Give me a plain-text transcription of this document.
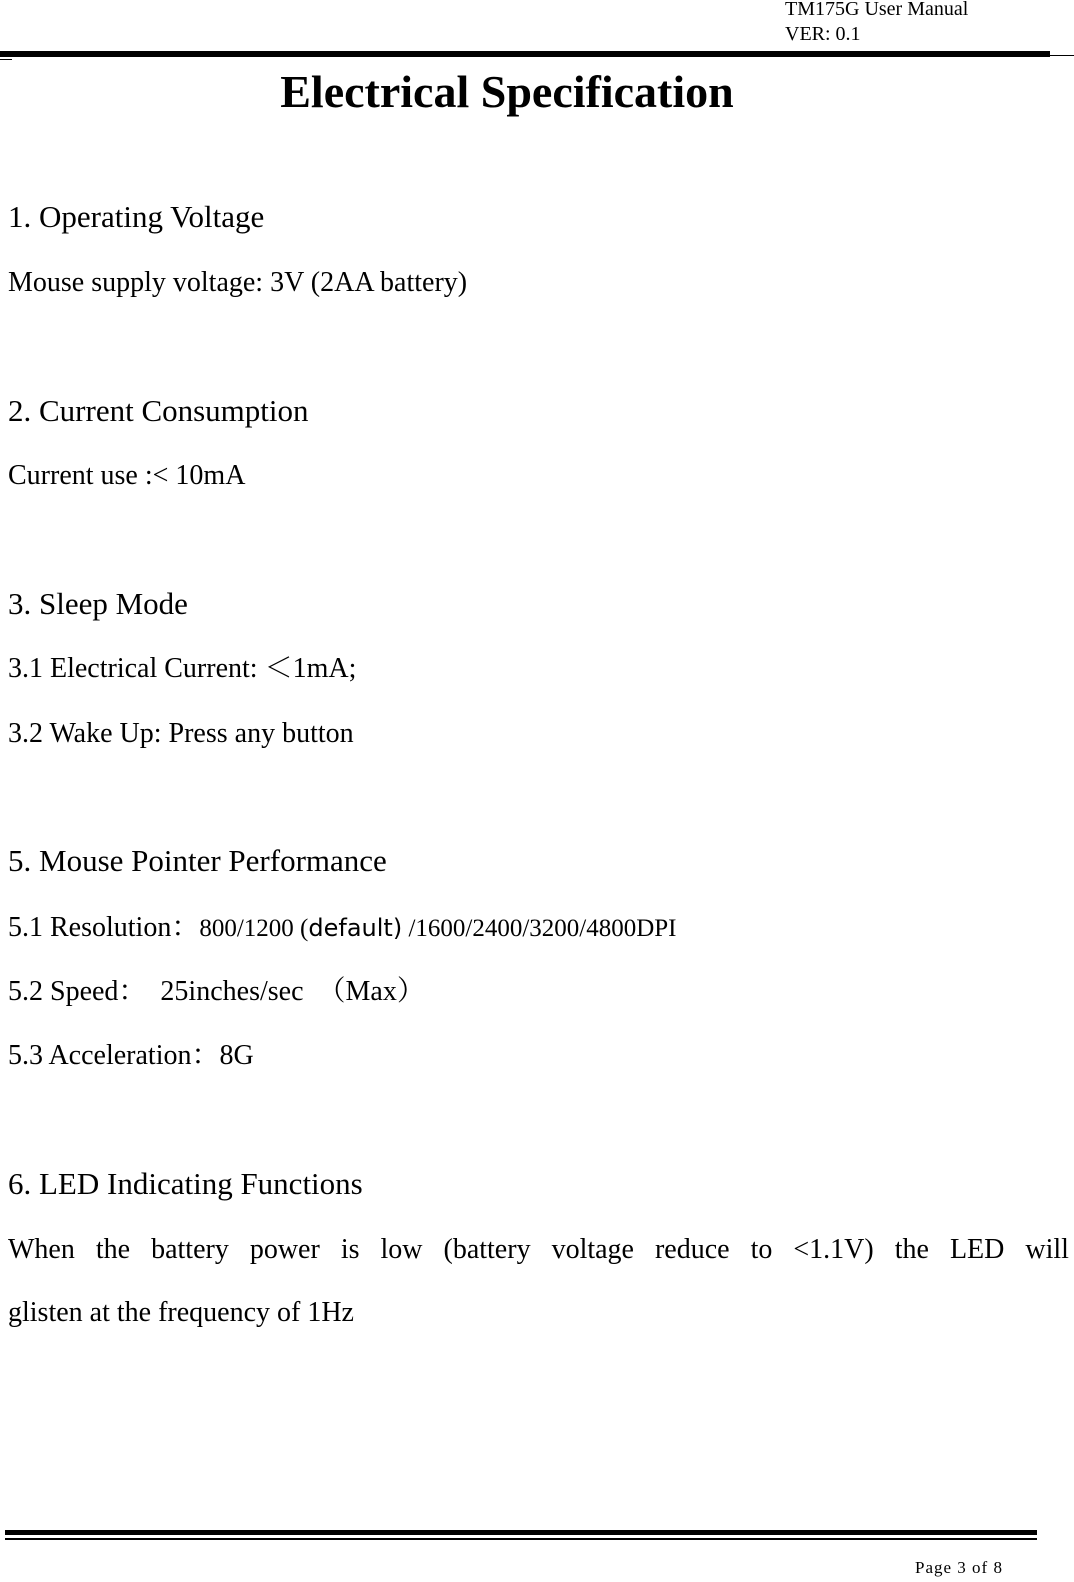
TM175G User Manual
VER: 0.1
Electrical Specification
1. Operating Voltage
Mouse supply voltage: 3V (2AA battery)
2. Current Consumption
Current use :< 10mA
3. Sleep Mode
3.1 Electrical Current: ＜1mA;
3.2 Wake Up: Press any button
5. Mouse Pointer Performance
5.1 Resolution：800/1200 (default) /1600/2400/3200/4800DPI
5.2 Speed：  25inches/sec  （Max）
5.3 Acceleration：8G
6. LED Indicating Functions
When the battery power is low (battery voltage reduce to <1.1V) the LED will
glisten at the frequency of 1Hz
Page 3 of 8
